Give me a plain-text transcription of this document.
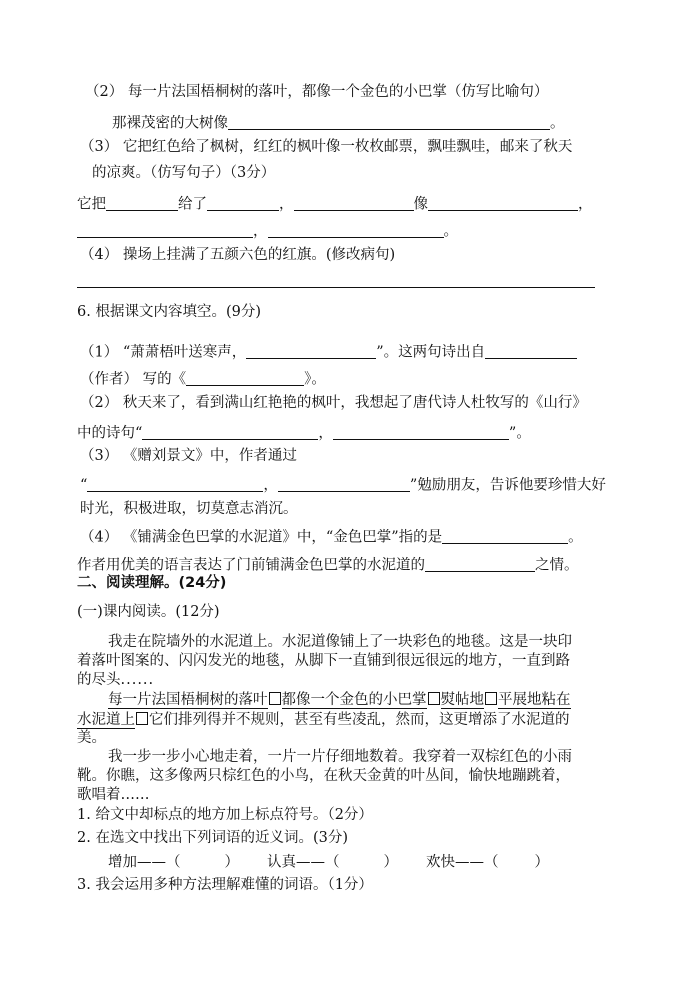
（2） 每一片法国梧桐树的落叶，都像一个金色的小巴掌（仿写比喻句）
那裸茂密的大树像	。
（3） 它把红色给了枫树，红红的枫叶像一枚枚邮票，飘哇飘哇，邮来了秋天
的凉爽。（仿写句子）（3分）
它把	给了	，	像	，
，	。
（4） 操场上挂满了五颜六色的红旗。(修改病句)
6. 根据课文内容填空。(9分)
（1） “萧萧梧叶送寒声，	”。这两句诗出自
（作者） 写的《	》。
（2） 秋天来了，看到满山红艳艳的枫叶，我想起了唐代诗人杜牧写的《山行》
中的诗句“	，	”。
（3） 《赠刘景文》中，作者通过
“	，	”勉励朋友，告诉他要珍惜大好
时光，积极进取，切莫意志消沉。
（4） 《铺满金色巴掌的水泥道》中，“金色巴掌”指的是	。
作者用优美的语言表达了门前铺满金色巴掌的水泥道的	之情。
二、阅读理解。(24分)
(一)课内阅读。(12分)
我走在院墙外的水泥道上。水泥道像铺上了一块彩色的地毯。这是一块印
着落叶图案的、闪闪发光的地毯，从脚下一直铺到很远很远的地方，一直到路
的尽头......
每一片法国梧桐树的落叶 都像一个金色的小巴掌 熨帖地 平展地粘在
水泥道上 它们排列得并不规则，甚至有些凌乱，然而，这更增添了水泥道的
美。
我一步一步小心地走着，一片一片仔细地数着。我穿着一双棕红色的小雨
靴。你瞧，这多像两只棕红色的小鸟，在秋天金黄的叶丛间，愉快地蹦跳着，
歌唱着……
1. 给文中却标点的地方加上标点符号。（2分）
2. 在选文中找出下列词语的近义词。(3分)
增加——（	） 认真——（	） 欢快——（ ）
3. 我会运用多种方法理解难懂的词语。（1分）
